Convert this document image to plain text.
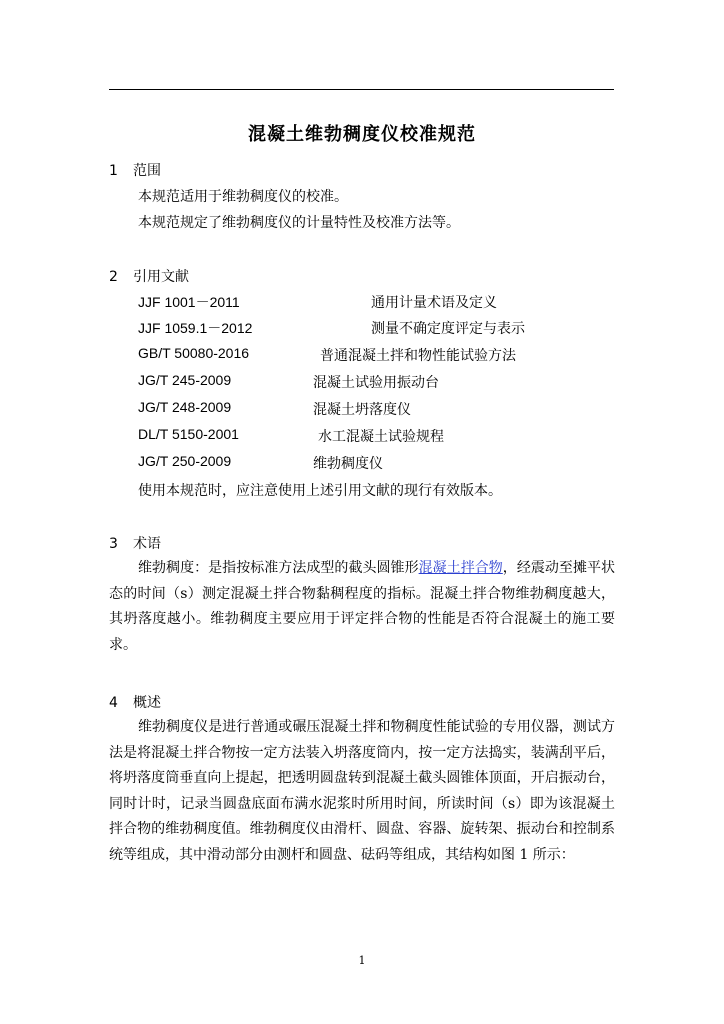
混凝土维勃稠度仪校准规范
1 范围
本规范适用于维勃稠度仪的校准。
本规范规定了维勃稠度仪的计量特性及校准方法等。
2 引用文献
JJF 1001－2011	通用计量术语及定义
JJF 1059.1－2012	测量不确定度评定与表示
GB/T 50080-2016	普通混凝土拌和物性能试验方法
JG/T 245-2009	混凝土试验用振动台
JG/T 248-2009	混凝土坍落度仪
DL/T 5150-2001	水工混凝土试验规程
JG/T 250-2009	维勃稠度仪
使用本规范时，应注意使用上述引用文献的现行有效版本。
3 术语
维勃稠度：是指按标准方法成型的截头圆锥形混凝土拌合物，经震动至摊平状态的时间（s）测定混凝土拌合物黏稠程度的指标。混凝土拌合物维勃稠度越大，其坍落度越小。维勃稠度主要应用于评定拌合物的性能是否符合混凝土的施工要求。
4 概述
维勃稠度仪是进行普通或碾压混凝土拌和物稠度性能试验的专用仪器，测试方法是将混凝土拌合物按一定方法装入坍落度筒内，按一定方法捣实，装满刮平后，将坍落度筒垂直向上提起，把透明圆盘转到混凝土截头圆锥体顶面，开启振动台，同时计时，记录当圆盘底面布满水泥浆时所用时间，所读时间（s）即为该混凝土拌合物的维勃稠度值。维勃稠度仪由滑杆、圆盘、容器、旋转架、振动台和控制系统等组成，其中滑动部分由测杆和圆盘、砝码等组成，其结构如图 1 所示：
1
